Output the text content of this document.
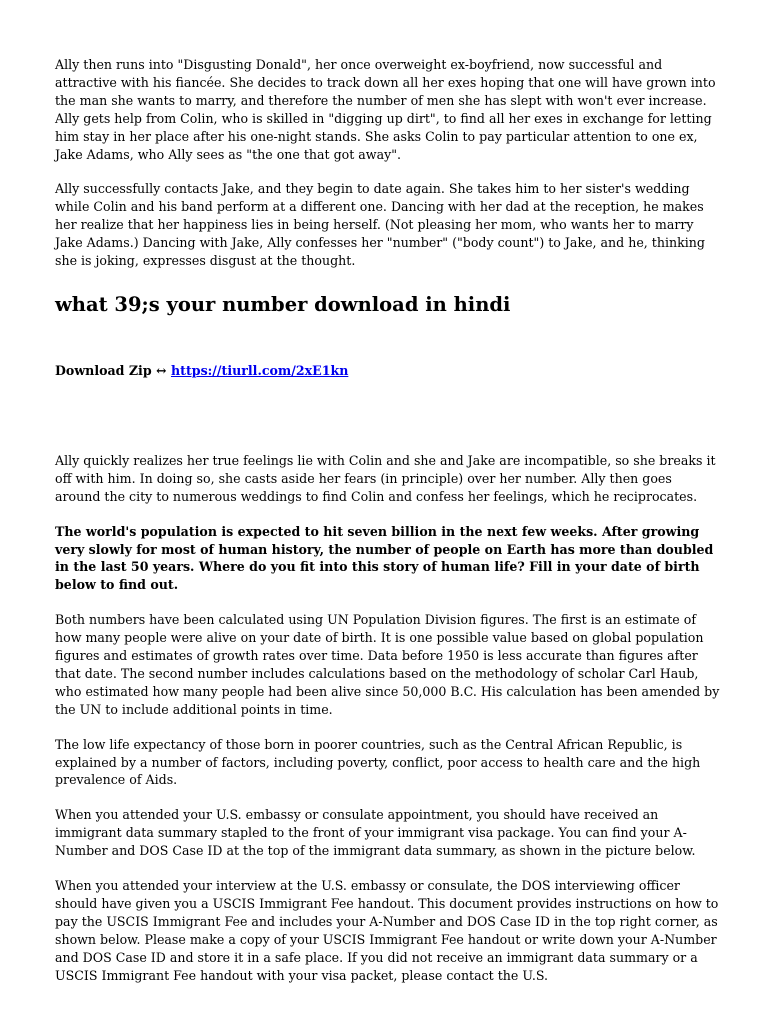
Ally then runs into "Disgusting Donald", her once overweight ex-boyfriend, now successful and attractive with his fiancée. She decides to track down all her exes hoping that one will have grown into the man she wants to marry, and therefore the number of men she has slept with won't ever increase. Ally gets help from Colin, who is skilled in "digging up dirt", to find all her exes in exchange for letting him stay in her place after his one-night stands. She asks Colin to pay particular attention to one ex, Jake Adams, who Ally sees as "the one that got away".

Ally successfully contacts Jake, and they begin to date again. She takes him to her sister's wedding while Colin and his band perform at a different one. Dancing with her dad at the reception, he makes her realize that her happiness lies in being herself. (Not pleasing her mom, who wants her to marry Jake Adams.) Dancing with Jake, Ally confesses her "number" ("body count") to Jake, and he, thinking she is joking, expresses disgust at the thought.

what 39;s your number download in hindi

Download Zip ↔ https://tiurll.com/2xE1kn

Ally quickly realizes her true feelings lie with Colin and she and Jake are incompatible, so she breaks it off with him. In doing so, she casts aside her fears (in principle) over her number. Ally then goes around the city to numerous weddings to find Colin and confess her feelings, which he reciprocates.

The world's population is expected to hit seven billion in the next few weeks. After growing very slowly for most of human history, the number of people on Earth has more than doubled in the last 50 years. Where do you fit into this story of human life? Fill in your date of birth below to find out.

Both numbers have been calculated using UN Population Division figures. The first is an estimate of how many people were alive on your date of birth. It is one possible value based on global population figures and estimates of growth rates over time. Data before 1950 is less accurate than figures after that date. The second number includes calculations based on the methodology of scholar Carl Haub, who estimated how many people had been alive since 50,000 B.C. His calculation has been amended by the UN to include additional points in time.

The low life expectancy of those born in poorer countries, such as the Central African Republic, is explained by a number of factors, including poverty, conflict, poor access to health care and the high prevalence of Aids.

When you attended your U.S. embassy or consulate appointment, you should have received an immigrant data summary stapled to the front of your immigrant visa package. You can find your A-Number and DOS Case ID at the top of the immigrant data summary, as shown in the picture below.

When you attended your interview at the U.S. embassy or consulate, the DOS interviewing officer should have given you a USCIS Immigrant Fee handout. This document provides instructions on how to pay the USCIS Immigrant Fee and includes your A-Number and DOS Case ID in the top right corner, as shown below. Please make a copy of your USCIS Immigrant Fee handout or write down your A-Number and DOS Case ID and store it in a safe place. If you did not receive an immigrant data summary or a USCIS Immigrant Fee handout with your visa packet, please contact the U.S.
